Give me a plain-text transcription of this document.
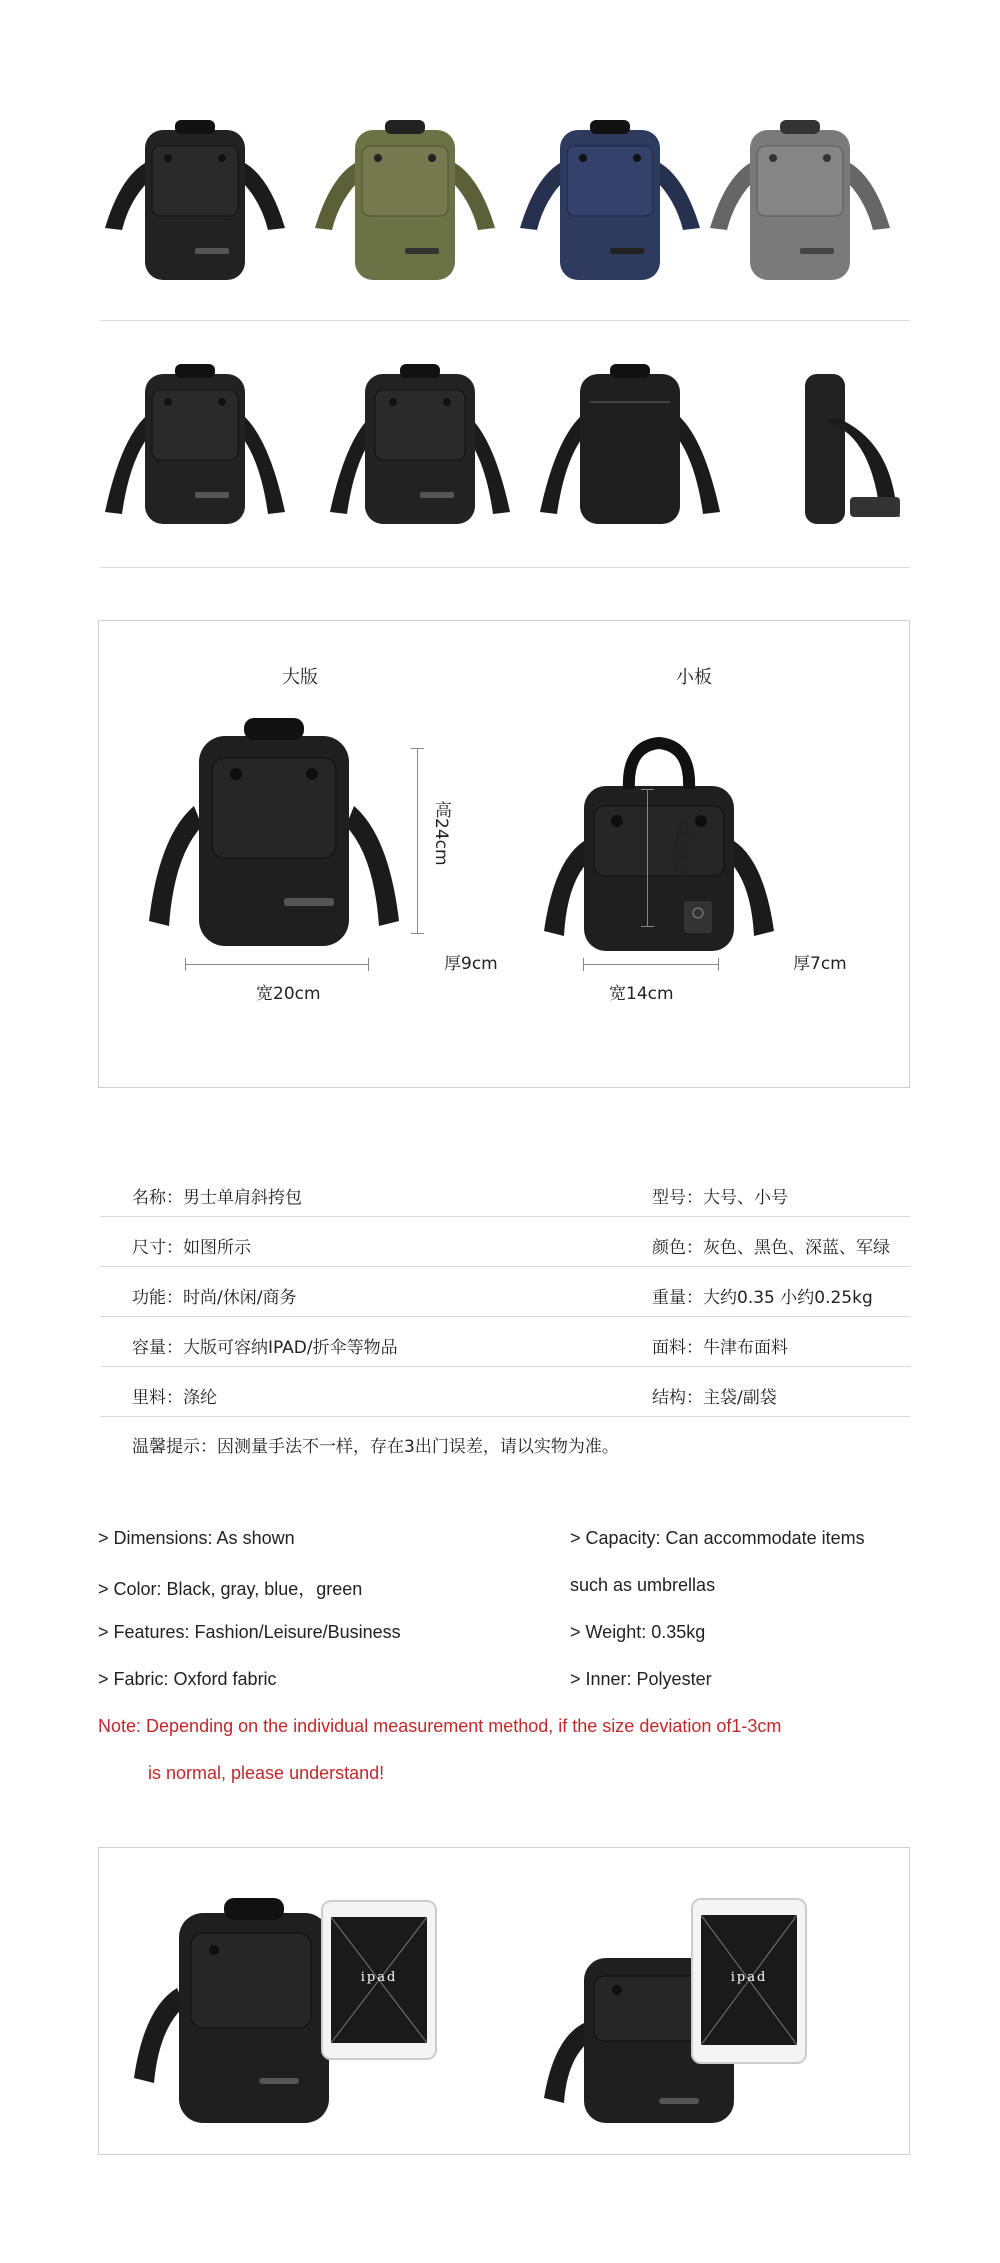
大版	小板
高24cm
宽20cm
厚9cm
高18cm
宽14cm
厚7cm
名称：男士单肩斜挎包	型号：大号、小号
尺寸：如图所示	颜色：灰色、黑色、深蓝、军绿
功能：时尚/休闲/商务	重量：大约0.35 小约0.25kg
容量：大版可容纳IPAD/折伞等物品	面料：牛津布面料
里料：涤纶	结构：主袋/副袋
温馨提示：因测量手法不一样，存在3出门误差，请以实物为准。
> Dimensions: As shown	> Capacity: Can accommodate items
> Color: Black, gray, blue，green	such as umbrellas
> Features: Fashion/Leisure/Business	> Weight: 0.35kg
> Fabric: Oxford fabric	> Inner: Polyester
Note: Depending on the individual measurement method, if the size deviation of1-3cm
is normal, please understand!
ipad	ipad
